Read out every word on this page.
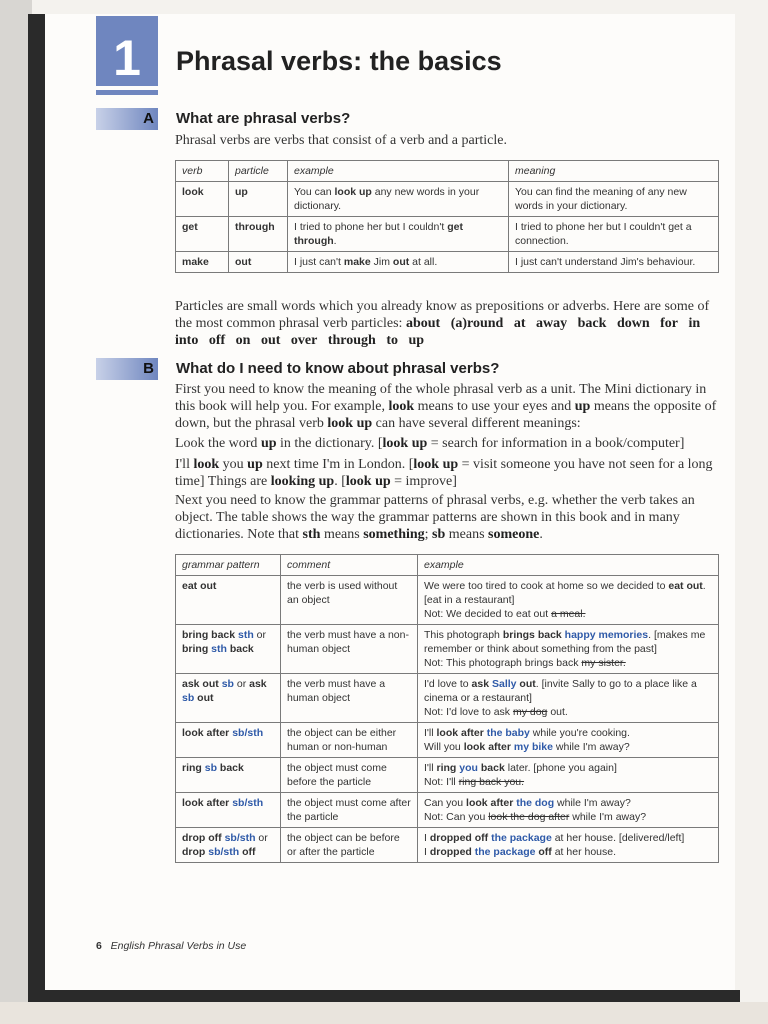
1	Phrasal verbs: the basics
A What are phrasal verbs?
Phrasal verbs are verbs that consist of a verb and a particle.
verb	particle	example	meaning
look	up	You can look up any new words in your dictionary.	You can find the meaning of any new words in your dictionary.
get	through	I tried to phone her but I couldn't get through.	I tried to phone her but I couldn't get a connection.
make	out	I just can't make Jim out at all.	I just can't understand Jim's behaviour.
Particles are small words which you already know as prepositions or adverbs. Here are some of the most common phrasal verb particles: about (a)round at away back down for in   into off on out over through to up
B What do I need to know about phrasal verbs?
First you need to know the meaning of the whole phrasal verb as a unit. The Mini dictionary in this book will help you. For example, look means to use your eyes and up means the opposite of down, but the phrasal verb look up can have several different meanings:
Look the word up in the dictionary. [look up = search for information in a book/computer]
I'll look you up next time I'm in London. [look up = visit someone you have not seen for a long time] Things are looking up. [look up = improve]
Next you need to know the grammar patterns of phrasal verbs, e.g. whether the verb takes an object. The table shows the way the grammar patterns are shown in this book and in many dictionaries. Note that sth means something; sb means someone.
grammar pattern	comment	example
eat out	the verb is used without an object	We were too tired to cook at home so we decided to eat out. [eat in a restaurant]
Not: We decided to eat out a meal.
bring back sth or bring sth back	the verb must have a non-human object	This photograph brings back happy memories. [makes me remember or think about something from the past]
Not: This photograph brings back my sister.
ask out sb or ask sb out	the verb must have a human object	I'd love to ask Sally out. [invite Sally to go to a place like a cinema or a restaurant]
Not: I'd love to ask my dog out.
look after sb/sth	the object can be either human or non-human	I'll look after the baby while you're cooking.
Will you look after my bike while I'm away?
ring sb back	the object must come before the particle	I'll ring you back later. [phone you again]
Not: I'll ring back you.
look after sb/sth	the object must come after the particle	Can you look after the dog while I'm away?
Not: Can you look the dog after while I'm away?
drop off sb/sth or drop sb/sth off	the object can be before or after the particle	I dropped off the package at her house. [delivered/left]
I dropped the package off at her house.
6 English Phrasal Verbs in Use
